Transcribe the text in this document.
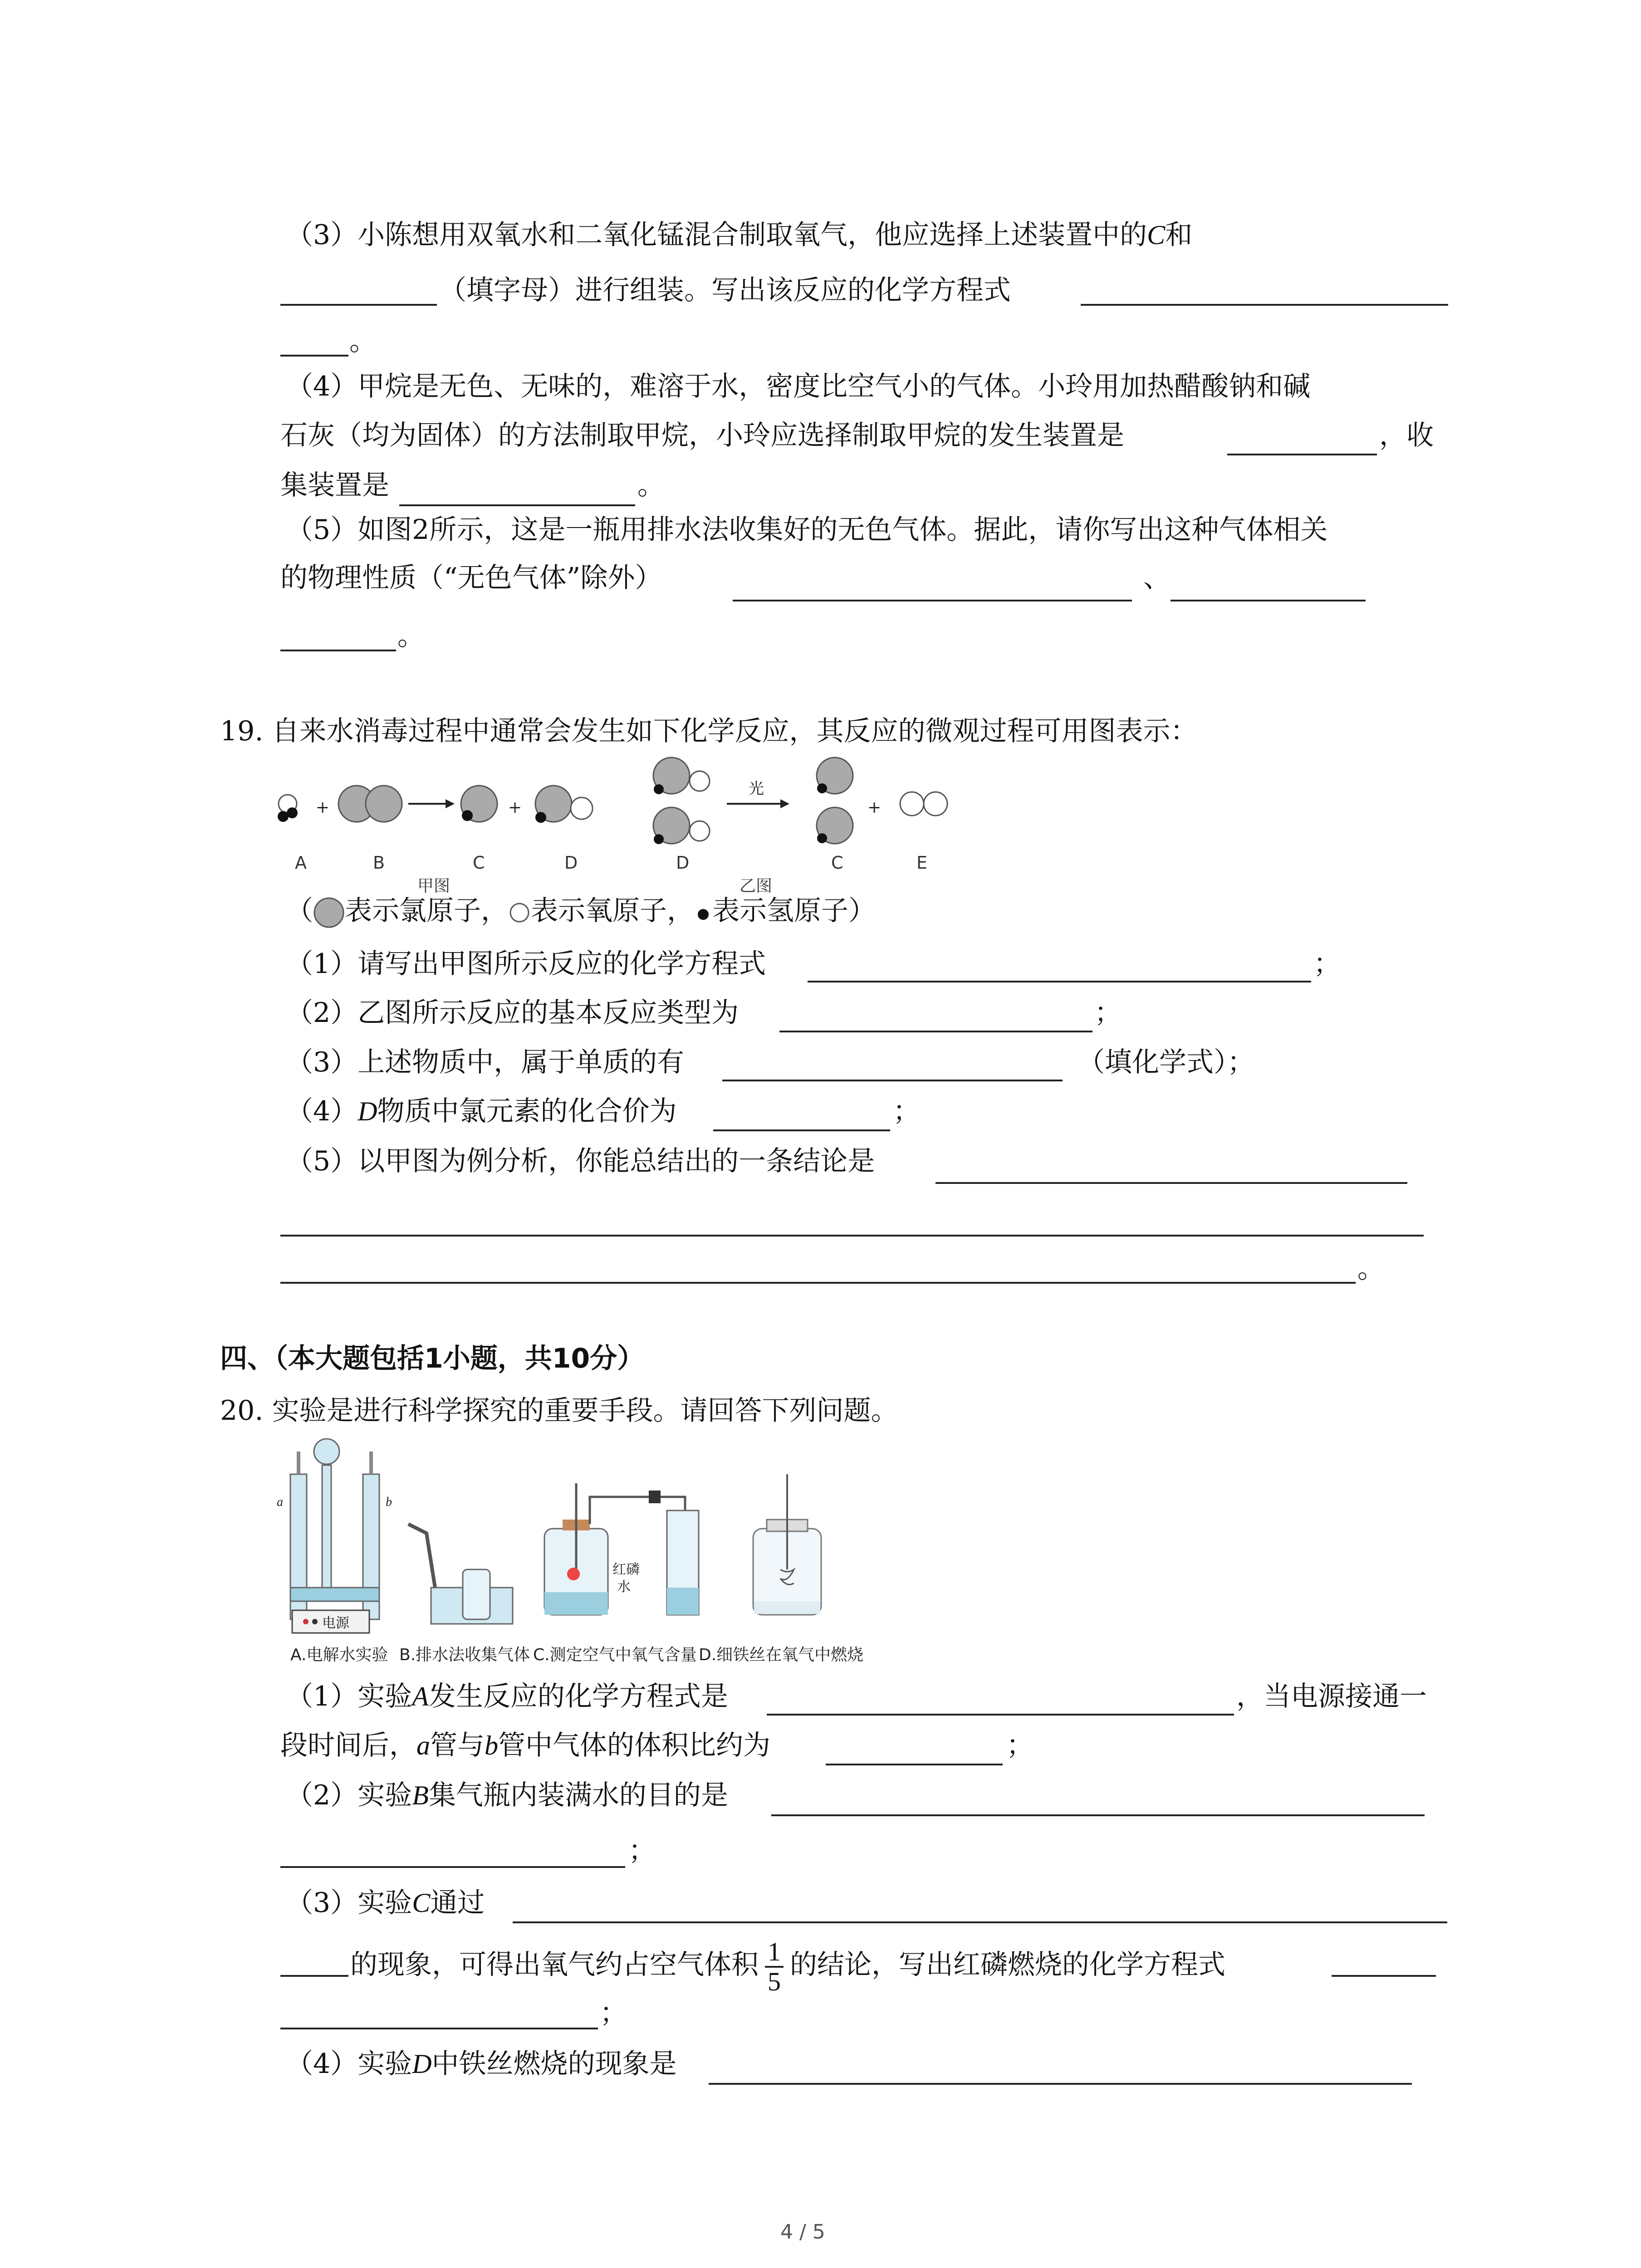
（3）小陈想用双氧水和二氧化锰混合制取氧气，他应选择上述装置中的C和
（填字母）进行组装。写出该反应的化学方程式
。
（4）甲烷是无色、无味的，难溶于水，密度比空气小的气体。小玲用加热醋酸钠和碱
石灰（均为固体）的方法制取甲烷，小玲应选择制取甲烷的发生装置是	，收
集装置是	。
（5）如图2所示，这是一瓶用排水法收集好的无色气体。据此，请你写出这种气体相关
的物理性质（“无色气体”除外）	、
。
19. 自来水消毒过程中通常会发生如下化学反应，其反应的微观过程可用图表示：
+	+
光
+
A	B	C	D	D	C	E
甲图	乙图
（ 表示氯原子， 表示氧原子， 表示氢原子）
（1）请写出甲图所示反应的化学方程式	；
（2）乙图所示反应的基本反应类型为	；
（3）上述物质中，属于单质的有	（填化学式）；
（4）D物质中氯元素的化合价为	；
（5）以甲图为例分析，你能总结出的一条结论是
。
四、（本大题包括1小题，共10分）
20. 实验是进行科学探究的重要手段。请回答下列问题。
电源
a	b
红磷
水
A.电解水实验 B.排水法收集气体 C.测定空气中氧气含量 D.细铁丝在氧气中燃烧
（1）实验A发生反应的化学方程式是	，当电源接通一
段时间后，a管与b管中气体的体积比约为	；
（2）实验B集气瓶内装满水的目的是
；
（3）实验C通过
的现象，可得出氧气约占空气体积 $\frac{1}{5}$ 的结论，写出红磷燃烧的化学方程式
；
（4）实验D中铁丝燃烧的现象是
4 / 5
